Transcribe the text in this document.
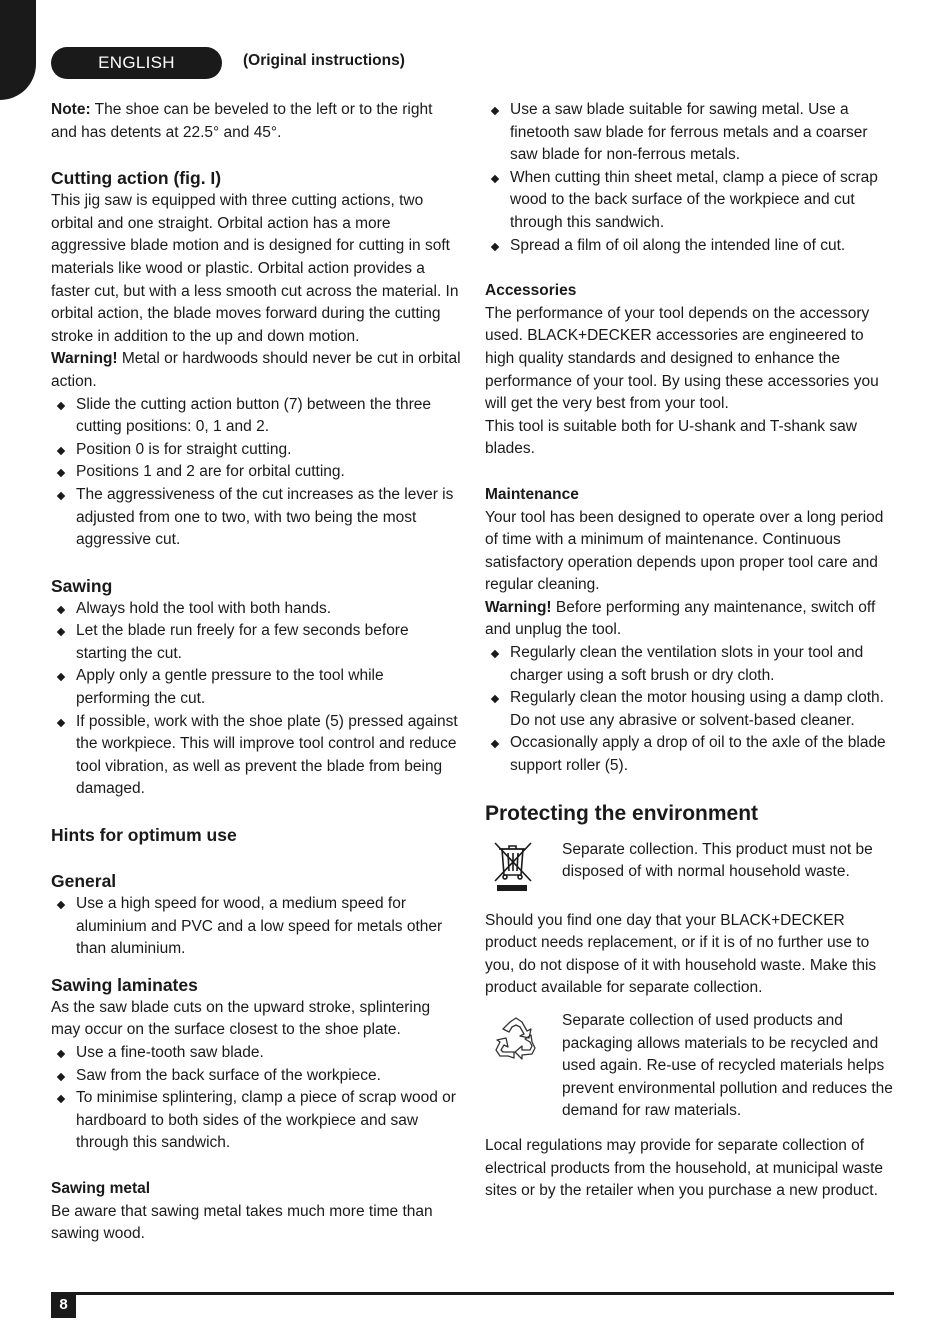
ENGLISH	(Original instructions)

Note: The shoe can be beveled to the left or to the right and has detents at 22.5° and 45°.

Cutting action (fig. I)

This jig saw is equipped with three cutting actions, two orbital and one straight. Orbital action has a more aggressive blade motion and is designed for cutting in soft materials like wood or plastic. Orbital action provides a faster cut, but with a less smooth cut across the material. In orbital action, the blade moves forward during the cutting stroke in addition to the up and down motion.

Warning! Metal or hardwoods should never be cut in orbital action.

Slide the cutting action button (7) between the three cutting positions: 0, 1 and 2.
Position 0 is for straight cutting.
Positions 1 and 2 are for orbital cutting.
The aggressiveness of the cut increases as the lever is adjusted from one to two, with two being the most aggressive cut.
Sawing
Always hold the tool with both hands.
Let the blade run freely for a few seconds before starting the cut.
Apply only a gentle pressure to the tool while performing the cut.
If possible, work with the shoe plate (5) pressed against the workpiece. This will improve tool control and reduce tool vibration, as well as prevent the blade from being damaged.
Hints for optimum use
General
Use a high speed for wood, a medium speed for aluminium and PVC and a low speed for metals other than aluminium.
Sawing laminates

As the saw blade cuts on the upward stroke, splintering may occur on the surface closest to the shoe plate.

Use a fine-tooth saw blade.
Saw from the back surface of the workpiece.
To minimise splintering, clamp a piece of scrap wood or hardboard to both sides of the workpiece and saw through this sandwich.
Sawing metal

Be aware that sawing metal takes much more time than sawing wood.

Use a saw blade suitable for sawing metal. Use a finetooth saw blade for ferrous metals and a coarser saw blade for non-ferrous metals.
When cutting thin sheet metal, clamp a piece of scrap wood to the back surface of the workpiece and cut through this sandwich.
Spread a film of oil along the intended line of cut.
Accessories

The performance of your tool depends on the accessory used. BLACK+DECKER accessories are engineered to high quality standards and designed to enhance the performance of your tool. By using these accessories you will get the very best from your tool.

This tool is suitable both for U-shank and T-shank saw blades.

Maintenance

Your tool has been designed to operate over a long period of time with a minimum of maintenance. Continuous satisfactory operation depends upon proper tool care and regular cleaning.

Warning! Before performing any maintenance, switch off and unplug the tool.

Regularly clean the ventilation slots in your tool and charger using a soft brush or dry cloth.
Regularly clean the motor housing using a damp cloth. Do not use any abrasive or solvent-based cleaner.
Occasionally apply a drop of oil to the axle of the blade support roller (5).
Protecting the environment

Separate collection. This product must not be disposed of with normal household waste.

Should you find one day that your BLACK+DECKER product needs replacement, or if it is of no further use to you, do not dispose of it with household waste. Make this product available for separate collection.

Separate collection of used products and packaging allows materials to be recycled and used again. Re-use of recycled materials helps prevent environmental pollution and reduces the demand for raw materials.

Local regulations may provide for separate collection of electrical products from the household, at municipal waste sites or by the retailer when you purchase a new product.

8
